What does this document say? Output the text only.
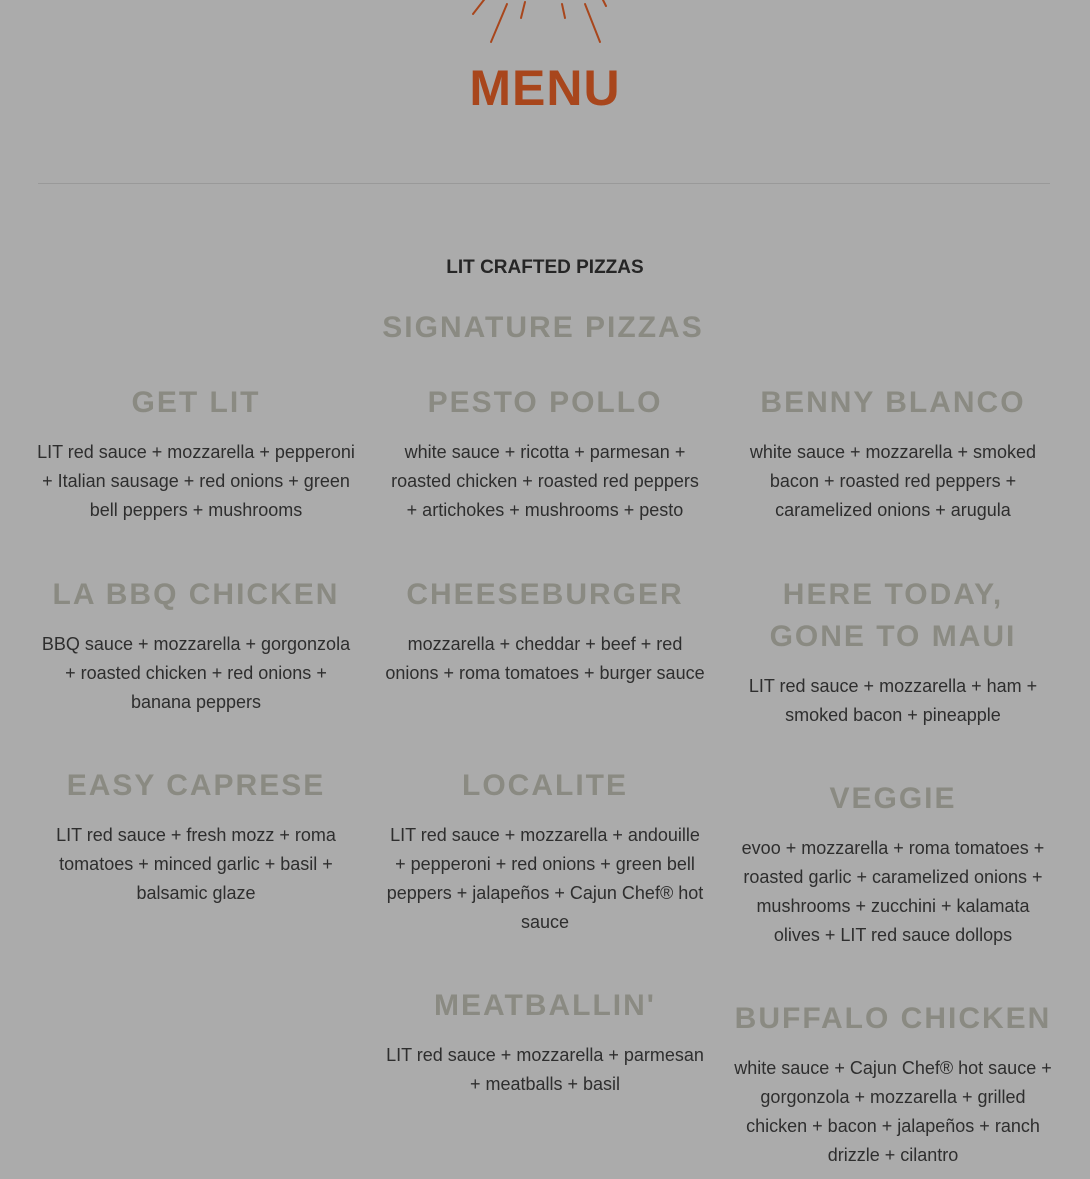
MENU
LIT CRAFTED PIZZAS
SIGNATURE PIZZAS
GET LIT

LIT red sauce + mozzarella + pepperoni + Italian sausage + red onions + green bell peppers + mushrooms

PESTO POLLO

white sauce + ricotta + parmesan + roasted chicken + roasted red peppers + artichokes + mushrooms + pesto

BENNY BLANCO

white sauce + mozzarella + smoked bacon + roasted red peppers + caramelized onions + arugula

LA BBQ CHICKEN

BBQ sauce + mozzarella + gorgonzola + roasted chicken + red onions + banana peppers

CHEESEBURGER

mozzarella + cheddar + beef + red onions + roma tomatoes + burger sauce

HERE TODAY, GONE TO MAUI

LIT red sauce + mozzarella + ham + smoked bacon + pineapple

EASY CAPRESE

LIT red sauce + fresh mozz + roma tomatoes + minced garlic + basil + balsamic glaze

LOCALITE

LIT red sauce + mozzarella + andouille + pepperoni + red onions + green bell peppers + jalapeños + Cajun Chef® hot sauce

VEGGIE

evoo + mozzarella + roma tomatoes + roasted garlic + caramelized onions + mushrooms + zucchini + kalamata olives + LIT red sauce dollops

MEATBALLIN'

LIT red sauce + mozzarella + parmesan + meatballs + basil

BUFFALO CHICKEN

white sauce + Cajun Chef® hot sauce + gorgonzola + mozzarella + grilled chicken + bacon + jalapeños + ranch drizzle + cilantro
